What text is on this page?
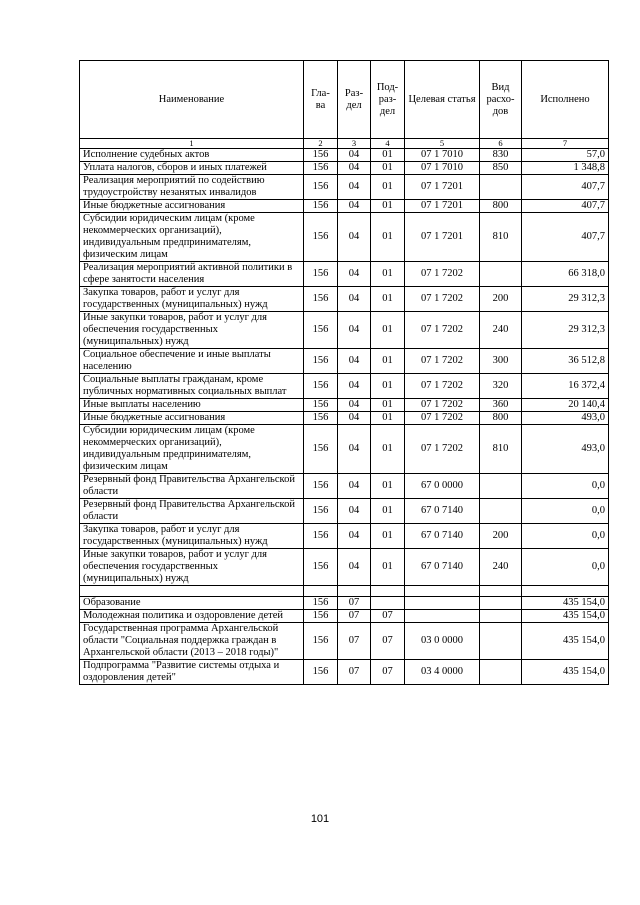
Наименование	Гла-ва	Раз-дел	Под-раз-дел	Целевая статья	Вид расхо-дов	Исполнено
1	2	3	4	5	6	7
Исполнение судебных актов	156	04	01	07 1 7010	830	57,0
Уплата налогов, сборов и иных платежей	156	04	01	07 1 7010	850	1 348,8
Реализация мероприятий по содействию трудоустройству незанятых инвалидов	156	04	01	07 1 7201		407,7
Иные бюджетные ассигнования	156	04	01	07 1 7201	800	407,7
Субсидии юридическим лицам (кроме некоммерческих организаций), индивидуальным предпринимателям, физическим лицам	156	04	01	07 1 7201	810	407,7
Реализация мероприятий активной политики в сфере занятости населения	156	04	01	07 1 7202		66 318,0
Закупка товаров, работ и услуг для государственных (муниципальных) нужд	156	04	01	07 1 7202	200	29 312,3
Иные закупки товаров, работ и услуг для обеспечения государственных (муниципальных) нужд	156	04	01	07 1 7202	240	29 312,3
Социальное обеспечение и иные выплаты населению	156	04	01	07 1 7202	300	36 512,8
Социальные выплаты гражданам, кроме публичных нормативных социальных выплат	156	04	01	07 1 7202	320	16 372,4
Иные выплаты населению	156	04	01	07 1 7202	360	20 140,4
Иные бюджетные ассигнования	156	04	01	07 1 7202	800	493,0
Субсидии юридическим лицам (кроме некоммерческих организаций), индивидуальным предпринимателям, физическим лицам	156	04	01	07 1 7202	810	493,0
Резервный фонд Правительства Архангельской области	156	04	01	67 0 0000		0,0
Резервный фонд Правительства Архангельской области	156	04	01	67 0 7140		0,0
Закупка товаров, работ и услуг для государственных (муниципальных) нужд	156	04	01	67 0 7140	200	0,0
Иные закупки товаров, работ и услуг для обеспечения государственных (муниципальных) нужд	156	04	01	67 0 7140	240	0,0

Образование	156	07				435 154,0
Молодежная политика и оздоровление детей	156	07	07			435 154,0
Государственная программа Архангельской области "Социальная поддержка граждан в Архангельской области (2013 – 2018 годы)"	156	07	07	03 0 0000		435 154,0
Подпрограмма "Развитие системы отдыха и оздоровления детей"	156	07	07	03 4 0000		435 154,0
101
